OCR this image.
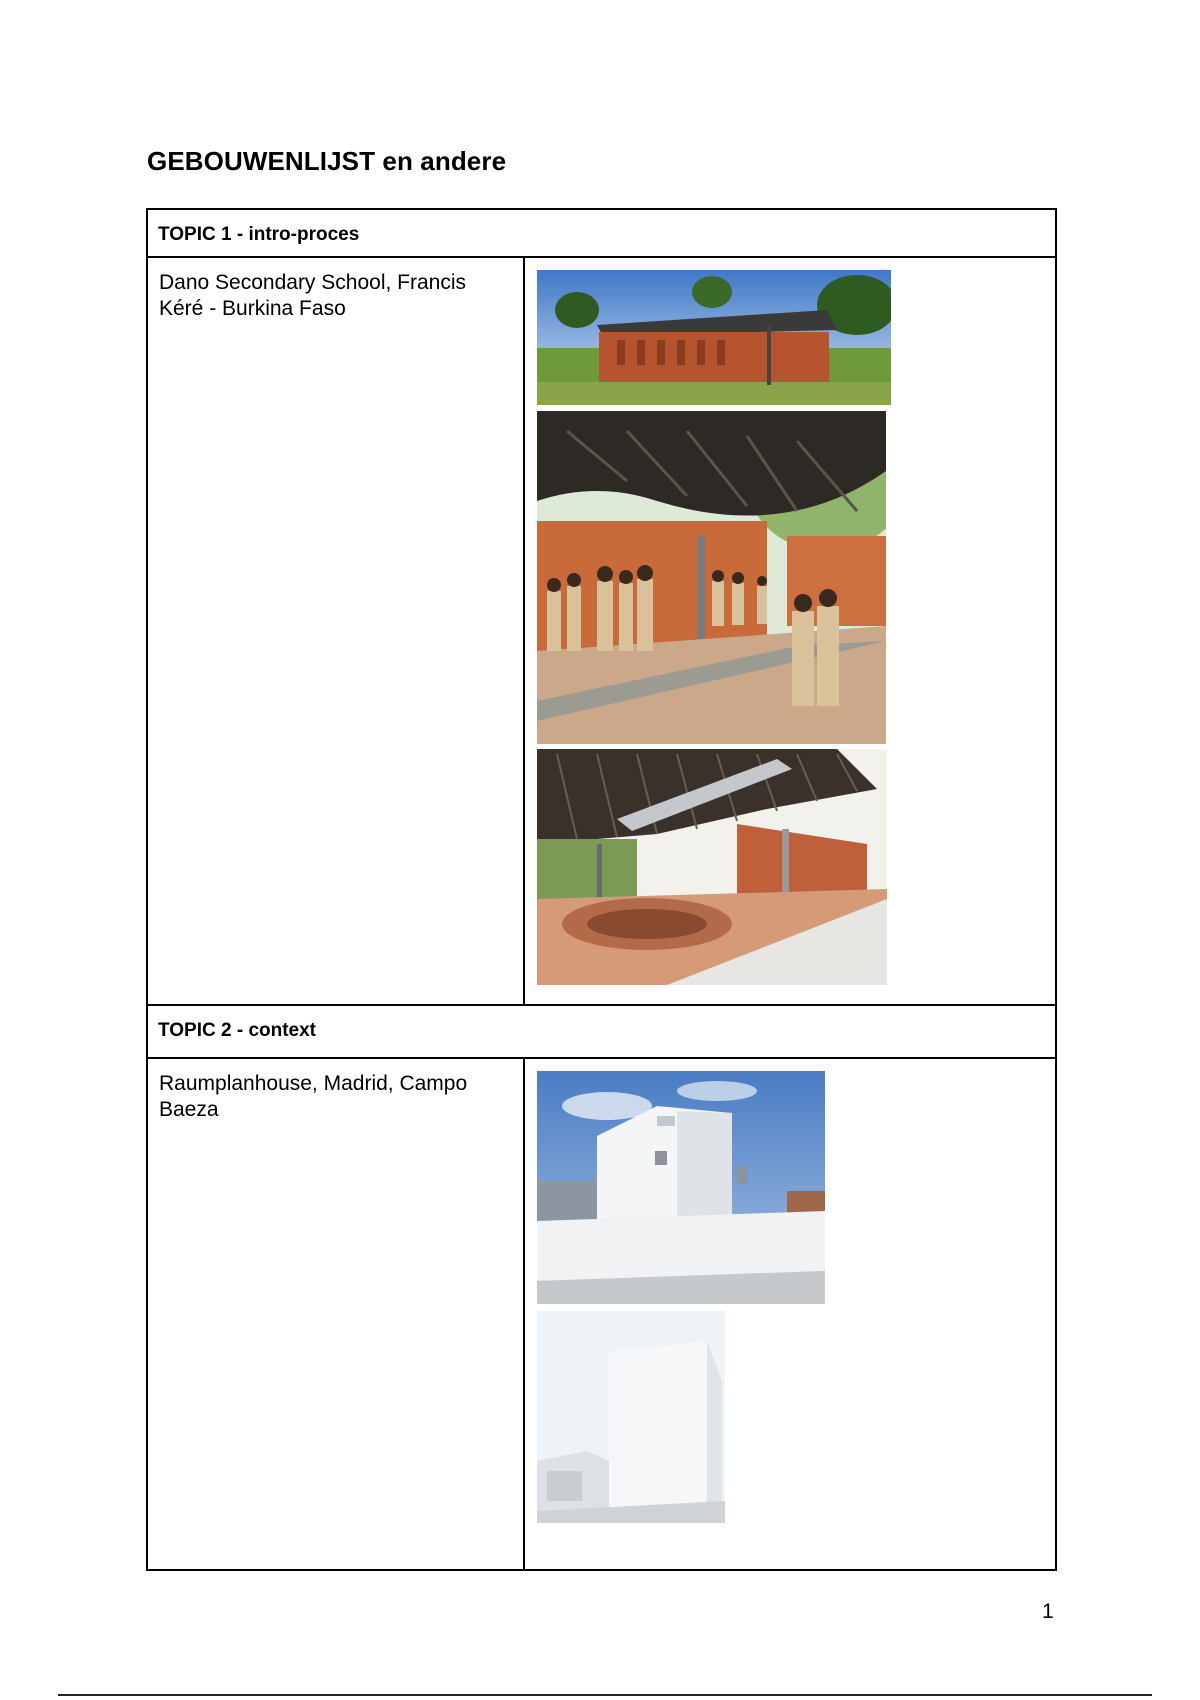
GEBOUWENLIJST en andere
TOPIC 1 - intro-proces	
Dano Secondary School, Francis Kéré - Burkina Faso	

TOPIC 2 - context	
Raumplanhouse, Madrid, Campo Baeza	
1
